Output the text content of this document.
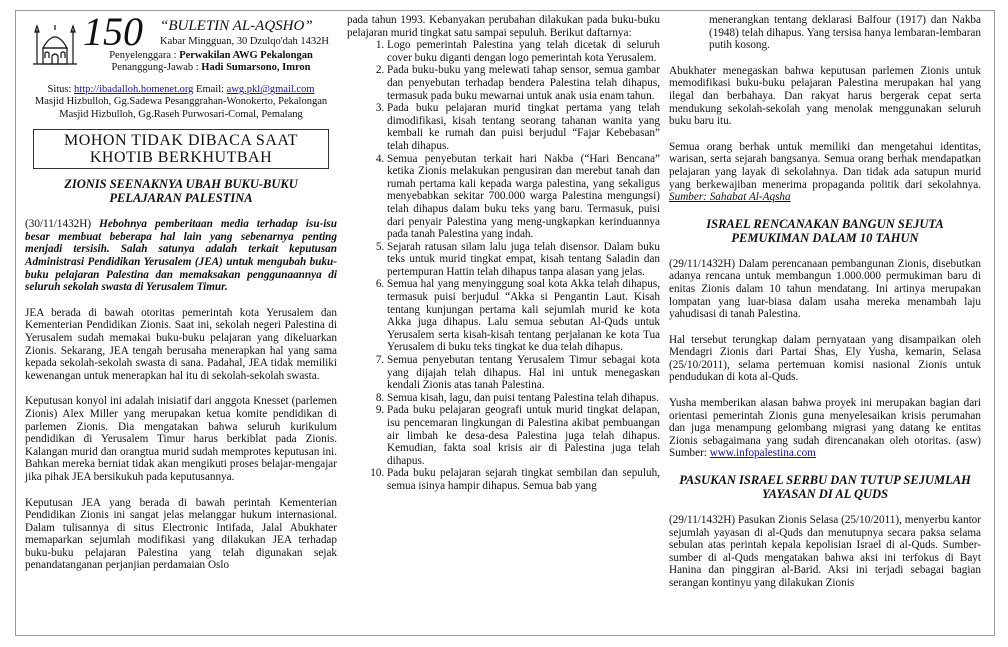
150 “BULETIN AL-AQSHO”
Kabar Mingguan, 30 Dzulqo'dah 1432H
Penyelenggara : Perwakilan AWG Pekalongan
Penanggung-Jawab : Hadi Sumarsono, Imron
Situs: http://ibadalloh.homenet.org Email: awg.pkl@gmail.com
Masjid Hizbulloh, Gg.Sadewa Pesanggrahan-Wonokerto, Pekalongan
Masjid Hizbulloh, Gg.Raseh Purwosari-Comal, Pemalang
MOHON TIDAK DIBACA SAAT
KHOTIB BERKHUTBAH
ZIONIS SEENAKNYA UBAH BUKU-BUKU
PELAJARAN PALESTINA

(30/11/1432H) Hebohnya pemberitaan media terhadap isu-isu besar membuat beberapa hal lain yang sebenarnya penting menjadi tersisih. Salah satunya adalah terkait keputusan Administrasi Pendidikan Yerusalem (JEA) untuk mengubah buku-buku pelajaran Palestina dan memaksakan penggunaannya di seluruh sekolah swasta di Yerusalem Timur.

JEA berada di bawah otoritas pemerintah kota Yerusalem dan Kementerian Pendidikan Zionis. Saat ini, sekolah negeri Palestina di Yerusalem sudah memakai buku-buku pelajaran yang dikeluarkan Zionis. Sekarang, JEA tengah berusaha menerapkan hal yang sama kepada sekolah-sekolah swasta di sana. Padahal, JEA tidak memiliki kewenangan untuk menerapkan hal itu di sekolah-sekolah swasta.

Keputusan konyol ini adalah inisiatif dari anggota Knesset (parlemen Zionis) Alex Miller yang merupakan ketua komite pendidikan di parlemen Zionis. Dia mengatakan bahwa seluruh kurikulum pendidikan di Yerusalem Timur harus berkiblat pada Zionis. Kalangan murid dan orangtua murid sudah memprotes keputusan ini. Bahkan mereka berniat tidak akan mengikuti proses belajar-mengajar jika pihak JEA bersikukuh pada keputusannya.

Keputusan JEA yang berada di bawah perintah Kementerian Pendidikan Zionis ini sangat jelas melanggar hukum internasional. Dalam tulisannya di situs Electronic Intifada, Jalal Abukhater memaparkan sejumlah modifikasi yang dilakukan JEA terhadap buku-buku pelajaran Palestina yang telah digunakan sejak penandatanganan perjanjian perdamaian Oslo

pada tahun 1993. Kebanyakan perubahan dilakukan pada buku-buku pelajaran murid tingkat satu sampai sepuluh. Berikut daftarnya:

1. Logo pemerintah Palestina yang telah dicetak di seluruh cover buku diganti dengan logo pemerintah kota Yerusalem.
2. Pada buku-buku yang melewati tahap sensor, semua gambar dan penyebutan terhadap bendera Palestina telah dihapus, termasuk pada buku mewarnai untuk anak usia enam tahun.
3. Pada buku pelajaran murid tingkat pertama yang telah dimodifikasi, kisah tentang seorang tahanan wanita yang kembali ke rumah dan puisi berjudul “Fajar Kebebasan” telah dihapus.
4. Semua penyebutan terkait hari Nakba (“Hari Bencana” ketika Zionis melakukan pengusiran dan merebut tanah dan rumah pertama kali kepada warga palestina, yang sekaligus menyebabkan sekitar 700.000 warga Palestina mengungsi) telah dihapus dalam buku teks yang baru. Termasuk, puisi dari penyair Palestina yang meng-ungkapkan kerinduannya pada tanah Palestina yang indah.
5. Sejarah ratusan silam lalu juga telah disensor. Dalam buku teks untuk murid tingkat empat, kisah tentang Saladin dan pertempuran Hattin telah dihapus tanpa alasan yang jelas.
6. Semua hal yang menyinggung soal kota Akka telah dihapus, termasuk puisi berjudul “Akka si Pengantin Laut. Kisah tentang kunjungan pertama kali sejumlah murid ke kota Akka juga dihapus. Lalu semua sebutan Al-Quds untuk Yerusalem serta kisah-kisah tentang perjalanan ke kota Tua Yerusalem di buku teks tingkat ke dua telah dihapus.
7. Semua penyebutan tentang Yerusalem Timur sebagai kota yang dijajah telah dihapus. Hal ini untuk menegaskan kendali Zionis atas tanah Palestina.
8. Semua kisah, lagu, dan puisi tentang Palestina telah dihapus.
9. Pada buku pelajaran geografi untuk murid tingkat delapan, isu pencemaran lingkungan di Palestina akibat pembuangan air limbah ke desa-desa Palestina juga telah dihapus. Kemudian, fakta soal krisis air di Palestina juga telah dihapus.
10. Pada buku pelajaran sejarah tingkat sembilan dan sepuluh, semua isinya hampir dihapus. Semua bab yang

menerangkan tentang deklarasi Balfour (1917) dan Nakba (1948) telah dihapus. Yang tersisa hanya lembaran-lembaran putih kosong.

Abukhater menegaskan bahwa keputusan parlemen Zionis untuk memodifikasi buku-buku pelajaran Palestina merupakan hal yang ilegal dan berbahaya. Dan rakyat harus bergerak cepat serta mendukung sekolah-sekolah yang menolak menggunakan seluruh buku baru itu.

Semua orang berhak untuk memiliki dan mengetahui identitas, warisan, serta sejarah bangsanya. Semua orang berhak mendapatkan pelajaran yang layak di sekolahnya. Dan tidak ada satupun murid yang berkewajiban menerima propaganda politik dari sekolahnya. Sumber: Sahabat Al-Aqsha

ISRAEL RENCANAKAN BANGUN SEJUTA
PEMUKIMAN DALAM 10 TAHUN

(29/11/1432H) Dalam perencanaan pembangunan Zionis, disebutkan adanya rencana untuk membangun 1.000.000 permukiman baru di enitas Zionis dalam 10 tahun mendatang. Ini artinya merupakan lompatan yang luar-biasa dalam usaha mereka menambah laju yahudisasi di tanah Palestina.

Hal tersebut terungkap dalam pernyataan yang disampaikan oleh Mendagri Zionis dari Partai Shas, Ely Yusha, kemarin, Selasa (25/10/2011), selama pertemuan komisi nasional Zionis untuk pendudukan di kota al-Quds.

Yusha memberikan alasan bahwa proyek ini merupakan bagian dari orientasi pemerintah Zionis guna menyelesaikan krisis perumahan dan juga menampung gelombang migrasi yang datang ke entitas Zionis sebagaimana yang sudah direncanakan oleh otoritas. (asw) Sumber: www.infopalestina.com

PASUKAN ISRAEL SERBU DAN TUTUP SEJUMLAH
YAYASAN DI AL QUDS

(29/11/1432H) Pasukan Zionis Selasa (25/10/2011), menyerbu kantor sejumlah yayasan di al-Quds dan menutupnya secara paksa selama sebulan atas perintah kepala kepolisian Israel di al-Quds. Sumber-sumber di al-Quds mengatakan bahwa aksi ini terfokus di Bayt Hanina dan pinggiran al-Barid. Aksi ini terjadi sebagai bagian serangan kontinyu yang dilakukan Zionis
